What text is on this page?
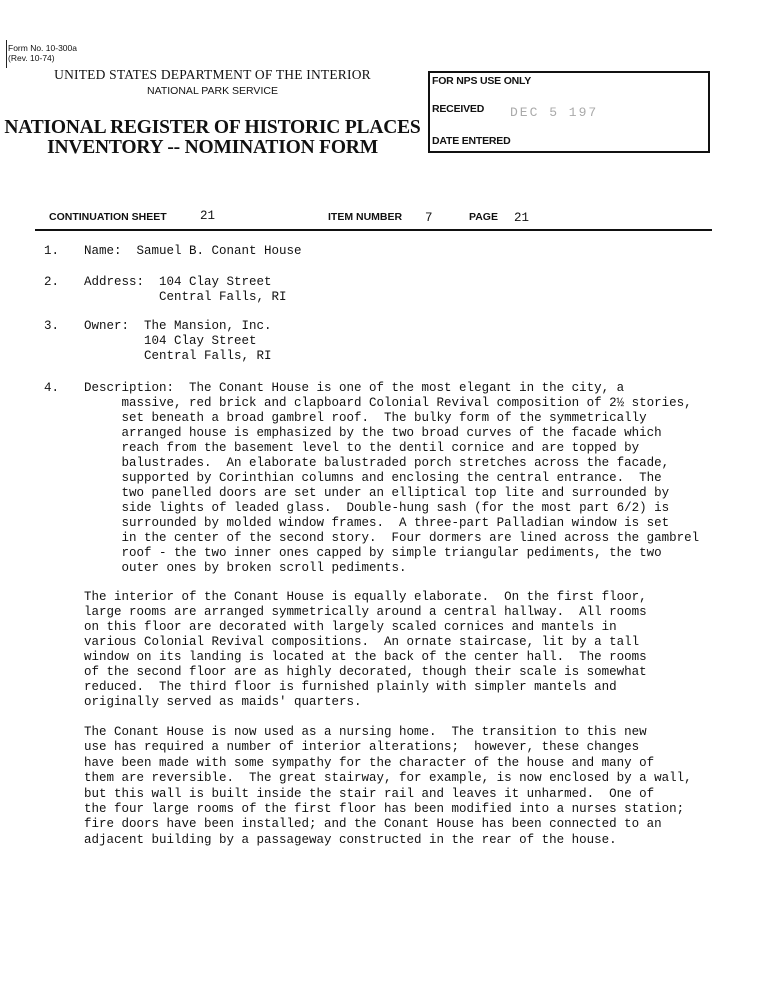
Form No. 10-300a
(Rev. 10-74)
UNITED STATES DEPARTMENT OF THE INTERIOR
NATIONAL PARK SERVICE
NATIONAL REGISTER OF HISTORIC PLACES
INVENTORY -- NOMINATION FORM
FOR NPS USE ONLY
RECEIVED DEC 5 197
DATE ENTERED
CONTINUATION SHEET	21	ITEM NUMBER 7	PAGE 21
1. Name:  Samuel B. Conant House
2. Address:  104 Clay Street
Central Falls, RI
3. Owner:  The Mansion, Inc.
104 Clay Street
Central Falls, RI
4. Description:  The Conant House is one of the most elegant in the city, a
massive, red brick and clapboard Colonial Revival composition of 2½ stories,
set beneath a broad gambrel roof.  The bulky form of the symmetrically
arranged house is emphasized by the two broad curves of the facade which
reach from the basement level to the dentil cornice and are topped by
balustrades.  An elaborate balustraded porch stretches across the facade,
supported by Corinthian columns and enclosing the central entrance.  The
two panelled doors are set under an elliptical top lite and surrounded by
side lights of leaded glass.  Double-hung sash (for the most part 6/2) is
surrounded by molded window frames.  A three-part Palladian window is set
in the center of the second story.  Four dormers are lined across the gambrel
roof - the two inner ones capped by simple triangular pediments, the two
outer ones by broken scroll pediments.
The interior of the Conant House is equally elaborate.  On the first floor,
large rooms are arranged symmetrically around a central hallway.  All rooms
on this floor are decorated with largely scaled cornices and mantels in
various Colonial Revival compositions.  An ornate staircase, lit by a tall
window on its landing is located at the back of the center hall.  The rooms
of the second floor are as highly decorated, though their scale is somewhat
reduced.  The third floor is furnished plainly with simpler mantels and
originally served as maids' quarters.
The Conant House is now used as a nursing home.  The transition to this new
use has required a number of interior alterations;  however, these changes
have been made with some sympathy for the character of the house and many of
them are reversible.  The great stairway, for example, is now enclosed by a wall,
but this wall is built inside the stair rail and leaves it unharmed.  One of
the four large rooms of the first floor has been modified into a nurses station;
fire doors have been installed; and the Conant House has been connected to an
adjacent building by a passageway constructed in the rear of the house.
